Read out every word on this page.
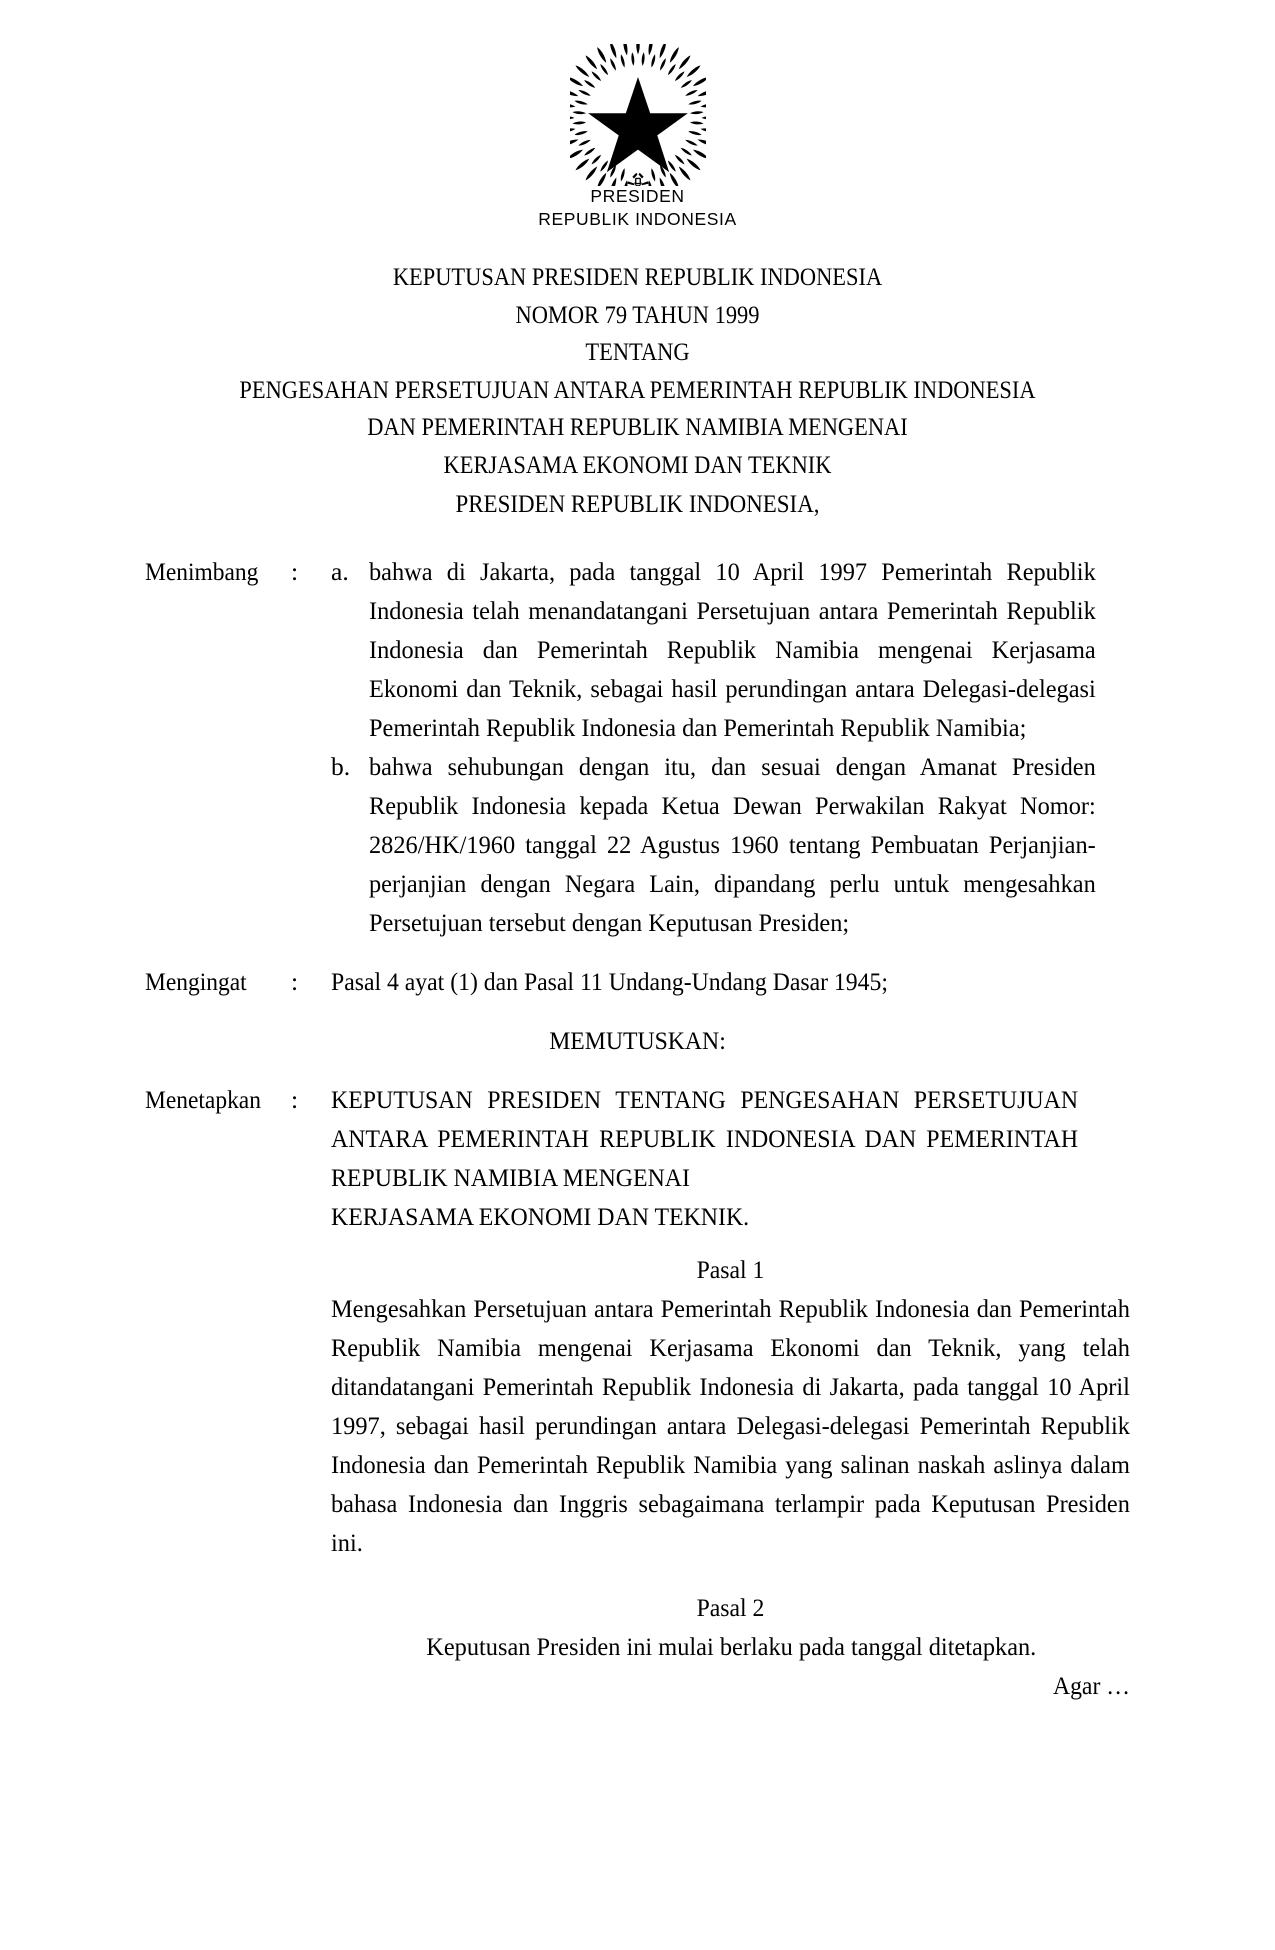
PRESIDEN
REPUBLIK INDONESIA
KEPUTUSAN PRESIDEN REPUBLIK INDONESIA
NOMOR 79 TAHUN 1999
TENTANG
PENGESAHAN PERSETUJUAN ANTARA PEMERINTAH REPUBLIK INDONESIA
DAN PEMERINTAH REPUBLIK NAMIBIA MENGENAI
KERJASAMA EKONOMI DAN TEKNIK
PRESIDEN REPUBLIK INDONESIA,
Menimbang	:	a. bahwa di Jakarta, pada tanggal 10 April 1997 Pemerintah Republik Indonesia telah menandatangani Persetujuan antara Pemerintah Republik Indonesia dan Pemerintah Republik Namibia mengenai Kerjasama Ekonomi dan Teknik, sebagai hasil perundingan antara Delegasi-delegasi Pemerintah Republik Indonesia dan Pemerintah Republik Namibia;
b. bahwa sehubungan dengan itu, dan sesuai dengan Amanat Presiden Republik Indonesia kepada Ketua Dewan Perwakilan Rakyat Nomor: 2826/HK/1960 tanggal 22 Agustus 1960 tentang Pembuatan Perjanjian-perjanjian dengan Negara Lain, dipandang perlu untuk mengesahkan Persetujuan tersebut dengan Keputusan Presiden;
Mengingat	:	Pasal 4 ayat (1) dan Pasal 11 Undang-Undang Dasar 1945;
MEMUTUSKAN:
Menetapkan	:	KEPUTUSAN PRESIDEN TENTANG PENGESAHAN PERSETUJUAN ANTARA PEMERINTAH REPUBLIK INDONESIA DAN PEMERINTAH REPUBLIK NAMIBIA MENGENAI
KERJASAMA EKONOMI DAN TEKNIK.
Pasal 1
Mengesahkan Persetujuan antara Pemerintah Republik Indonesia dan Pemerintah Republik Namibia mengenai Kerjasama Ekonomi dan Teknik, yang telah ditandatangani Pemerintah Republik Indonesia di Jakarta, pada tanggal 10 April 1997, sebagai hasil perundingan antara Delegasi-delegasi Pemerintah Republik Indonesia dan Pemerintah Republik Namibia yang salinan naskah aslinya dalam bahasa Indonesia dan Inggris sebagaimana terlampir pada Keputusan Presiden ini.
Pasal 2
Keputusan Presiden ini mulai berlaku pada tanggal ditetapkan.
Agar …
